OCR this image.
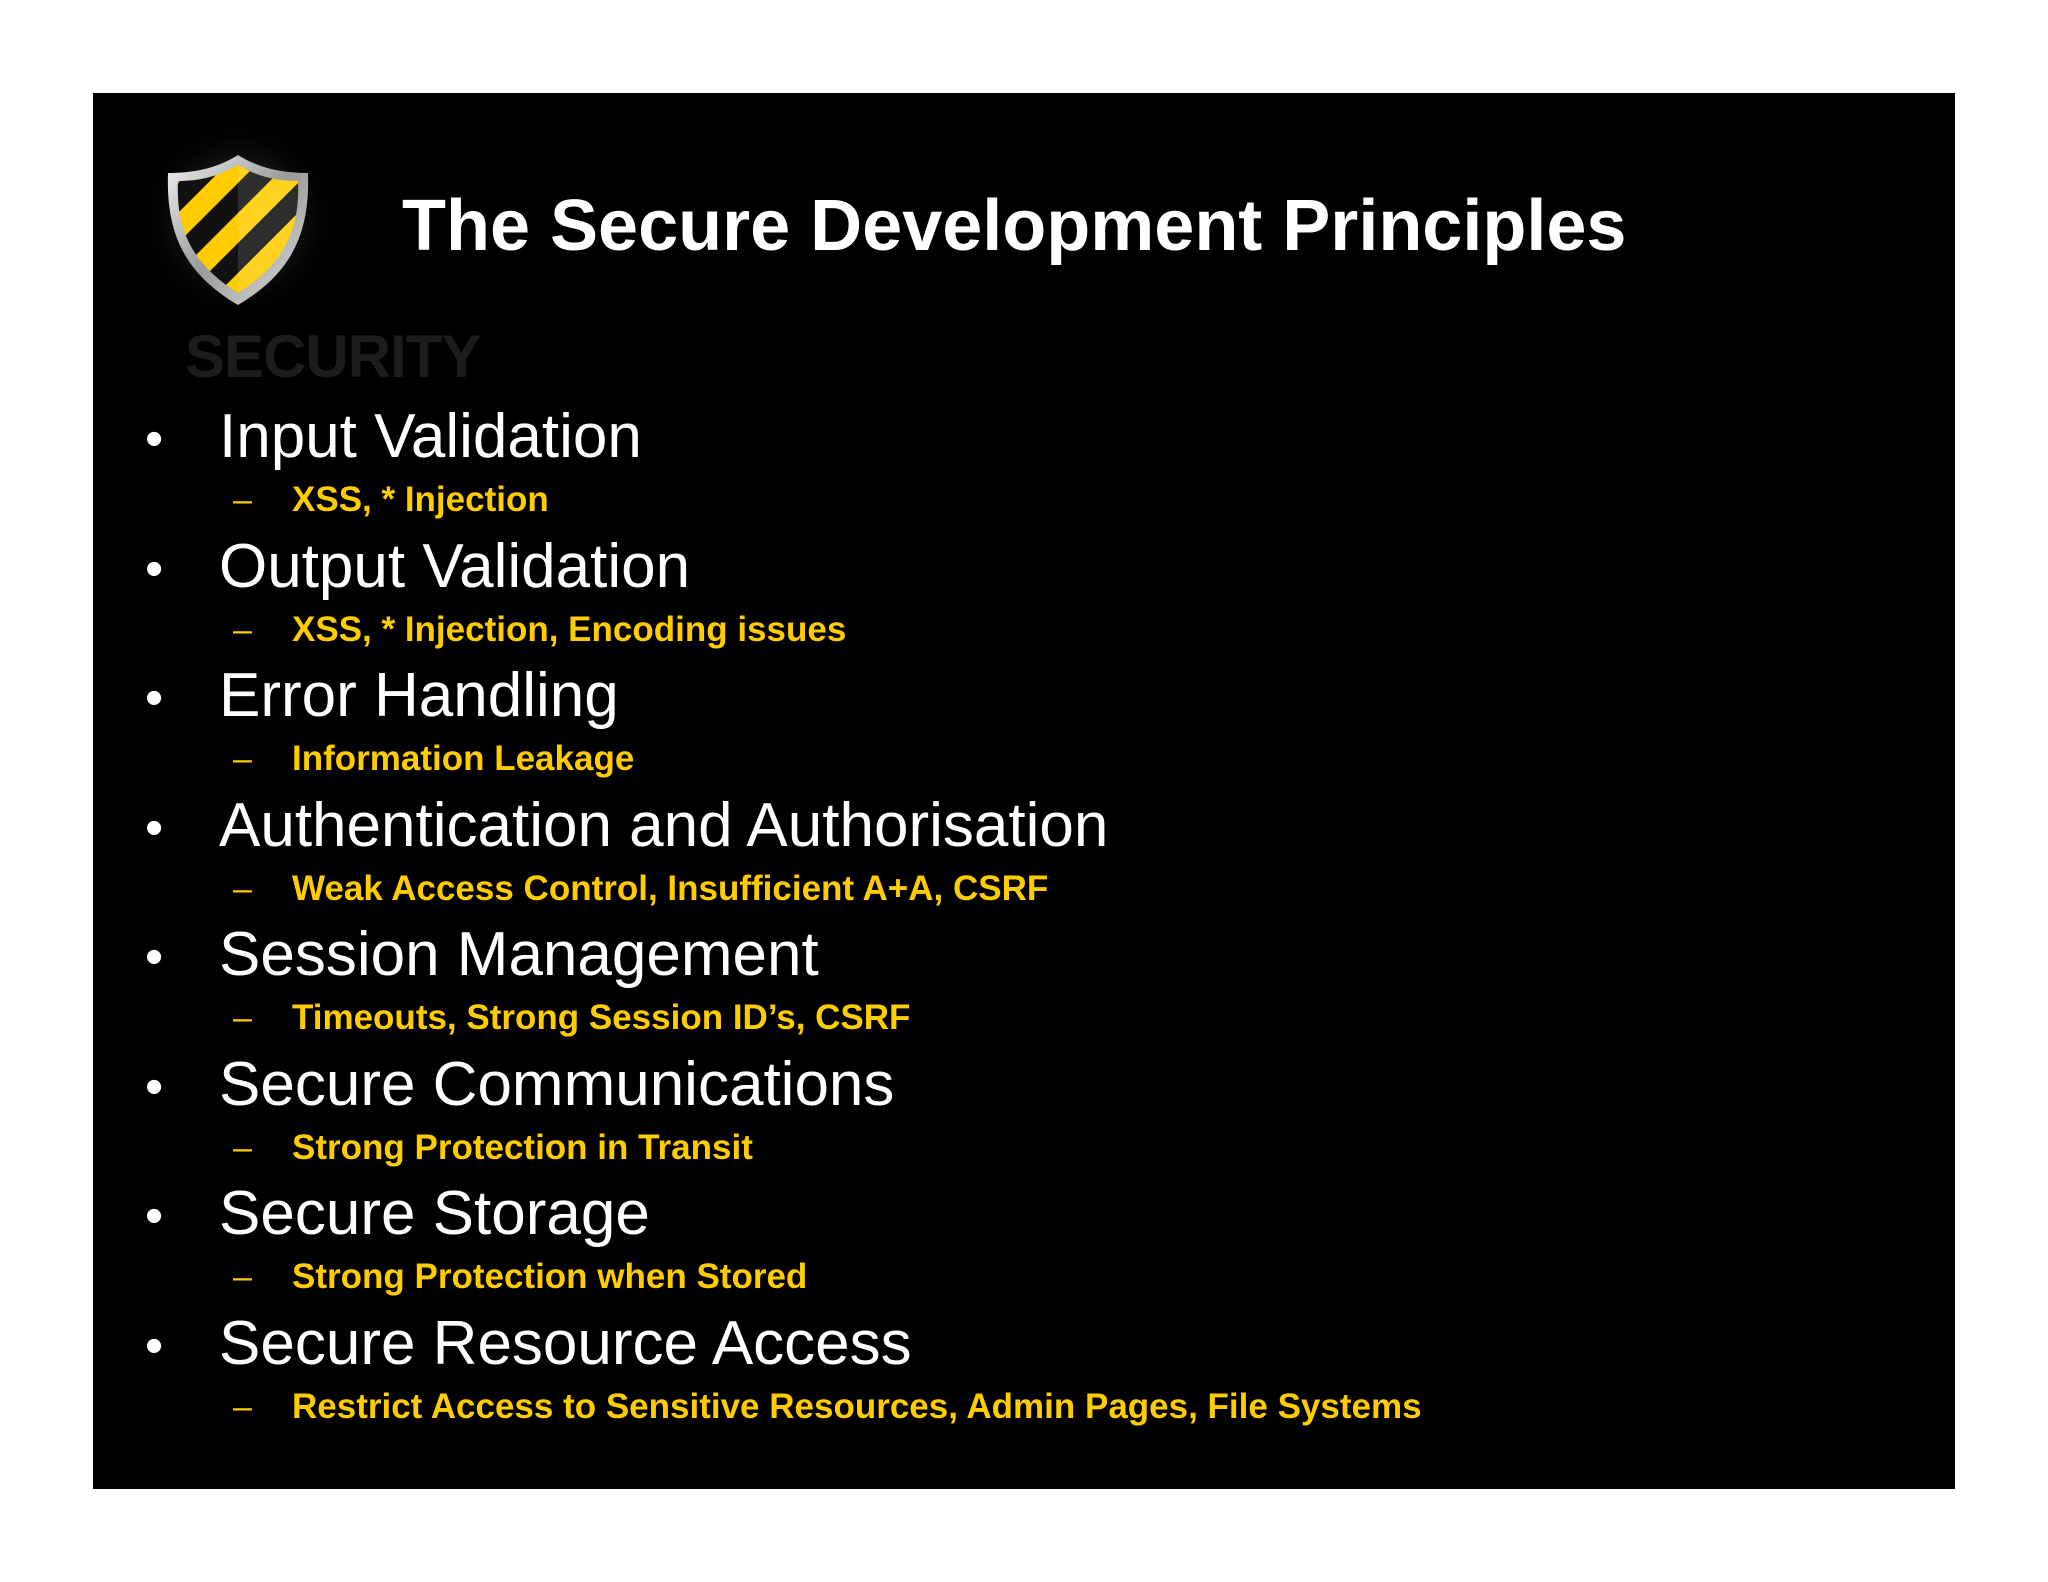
SECURITY
The Secure Development Principles
• Input Validation
– XSS, * Injection
• Output Validation
– XSS, * Injection, Encoding issues
• Error Handling
– Information Leakage
• Authentication and Authorisation
– Weak Access Control, Insufficient A+A, CSRF
• Session Management
– Timeouts, Strong Session ID’s, CSRF
• Secure Communications
– Strong Protection in Transit
• Secure Storage
– Strong Protection when Stored
• Secure Resource Access
– Restrict Access to Sensitive Resources, Admin Pages, File Systems
